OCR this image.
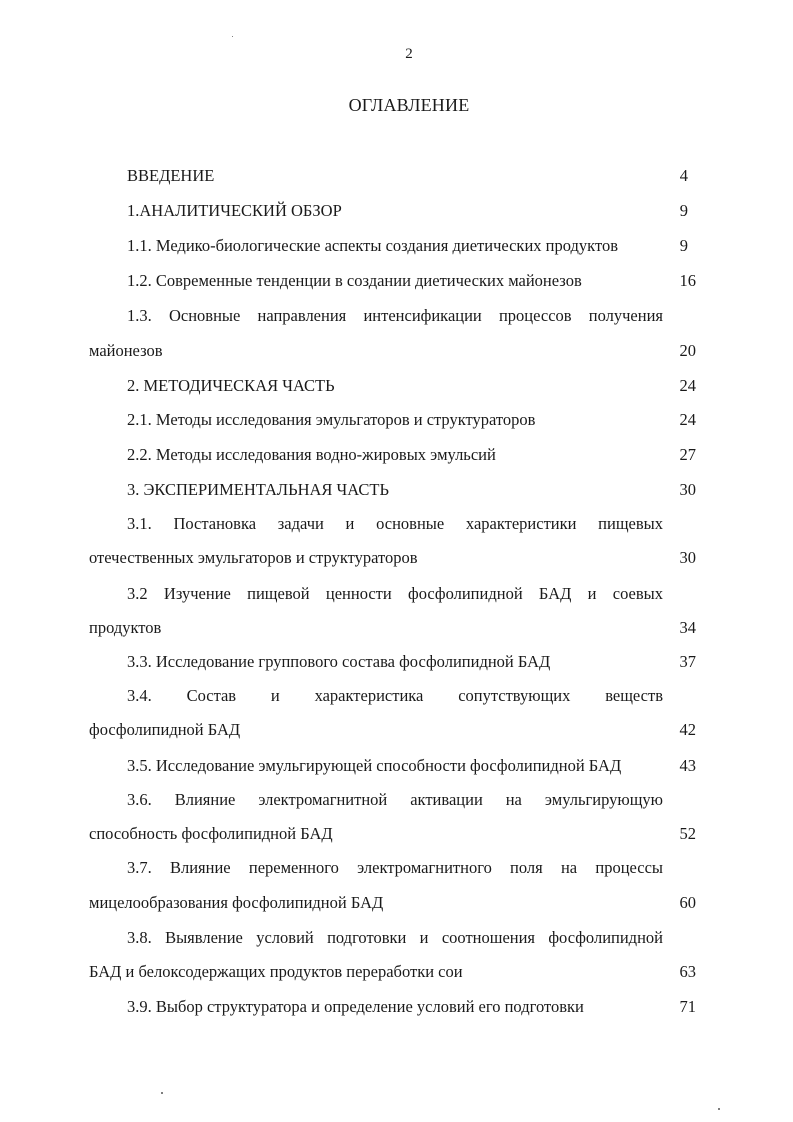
2
ОГЛАВЛЕНИЕ
ВВЕДЕНИЕ	4
1.АНАЛИТИЧЕСКИЙ ОБЗОР	9
1.1. Медико-биологические аспекты создания диетических продуктов	9
1.2. Современные тенденции в создании диетических майонезов	16
1.3. Основные направления интенсификации процессов получения
майонезов	20
2. МЕТОДИЧЕСКАЯ ЧАСТЬ	24
2.1. Методы исследования эмульгаторов и структураторов	24
2.2. Методы исследования водно-жировых эмульсий	27
3. ЭКСПЕРИМЕНТАЛЬНАЯ ЧАСТЬ	30
3.1. Постановка задачи и основные характеристики пищевых
отечественных эмульгаторов и структураторов	30
3.2 Изучение пищевой ценности фосфолипидной БАД и соевых
продуктов	34
3.3. Исследование группового состава фосфолипидной БАД	37
3.4. Состав и характеристика сопутствующих веществ
фосфолипидной БАД	42
3.5. Исследование эмульгирующей способности фосфолипидной БАД	43
3.6. Влияние электромагнитной активации на эмульгирующую
способность фосфолипидной БАД	52
3.7. Влияние переменного электромагнитного поля на процессы
мицелообразования фосфолипидной БАД	60
3.8. Выявление условий подготовки и соотношения фосфолипидной
БАД и белоксодержащих продуктов переработки сои	63
3.9. Выбор структуратора и определение условий его подготовки	71
